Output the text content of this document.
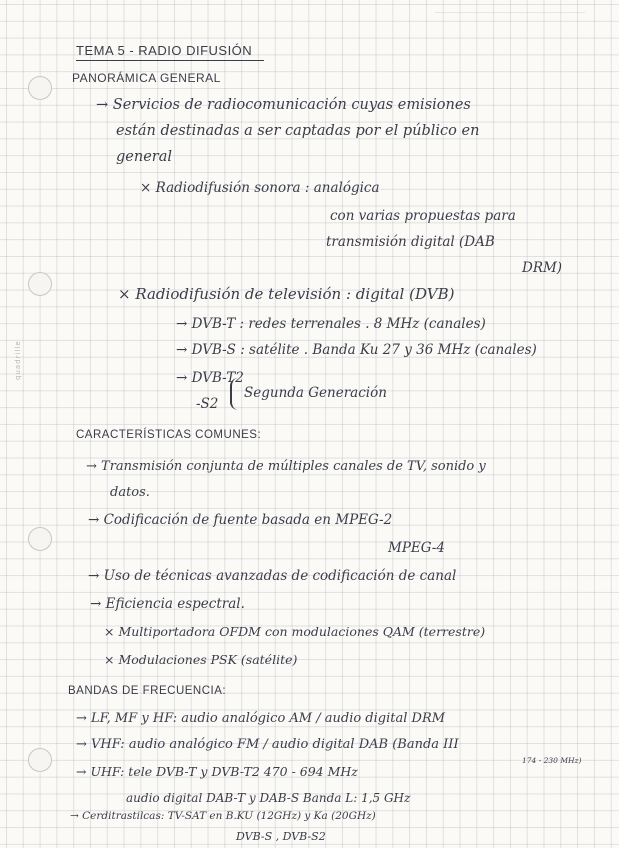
TEMA 5 - RADIO DIFUSIÓN
PANORÁMICA GENERAL
→ Servicios de radiocomunicación cuyas emisiones
están destinadas a ser captadas por el público en
general
× Radiodifusión sonora : analógica
con varias propuestas para
transmisión digital (DAB
DRM)
× Radiodifusión de televisión : digital (DVB)
→ DVB-T : redes terrenales . 8 MHz (canales)
→ DVB-S : satélite . Banda Ku 27 y 36 MHz (canales)
→ DVB-T2
-S2
Segunda Generación
CARACTERÍSTICAS COMUNES:
→ Transmisión conjunta de múltiples canales de TV, sonido y
datos.
→ Codificación de fuente basada en MPEG-2
MPEG-4
→ Uso de técnicas avanzadas de codificación de canal
→ Eficiencia espectral.
× Multiportadora OFDM con modulaciones QAM (terrestre)
× Modulaciones PSK (satélite)
BANDAS DE FRECUENCIA:
→ LF, MF y HF: audio analógico AM / audio digital DRM
→ VHF: audio analógico FM / audio digital DAB (Banda III
174 - 230 MHz)
→ UHF: tele DVB-T y DVB-T2 470 - 694 MHz
audio digital DAB-T y DAB-S Banda L: 1,5 GHz
→ Cerditrastilcas: TV-SAT en B.KU (12GHz) y Ka (20GHz)
DVB-S , DVB-S2
quadrille
